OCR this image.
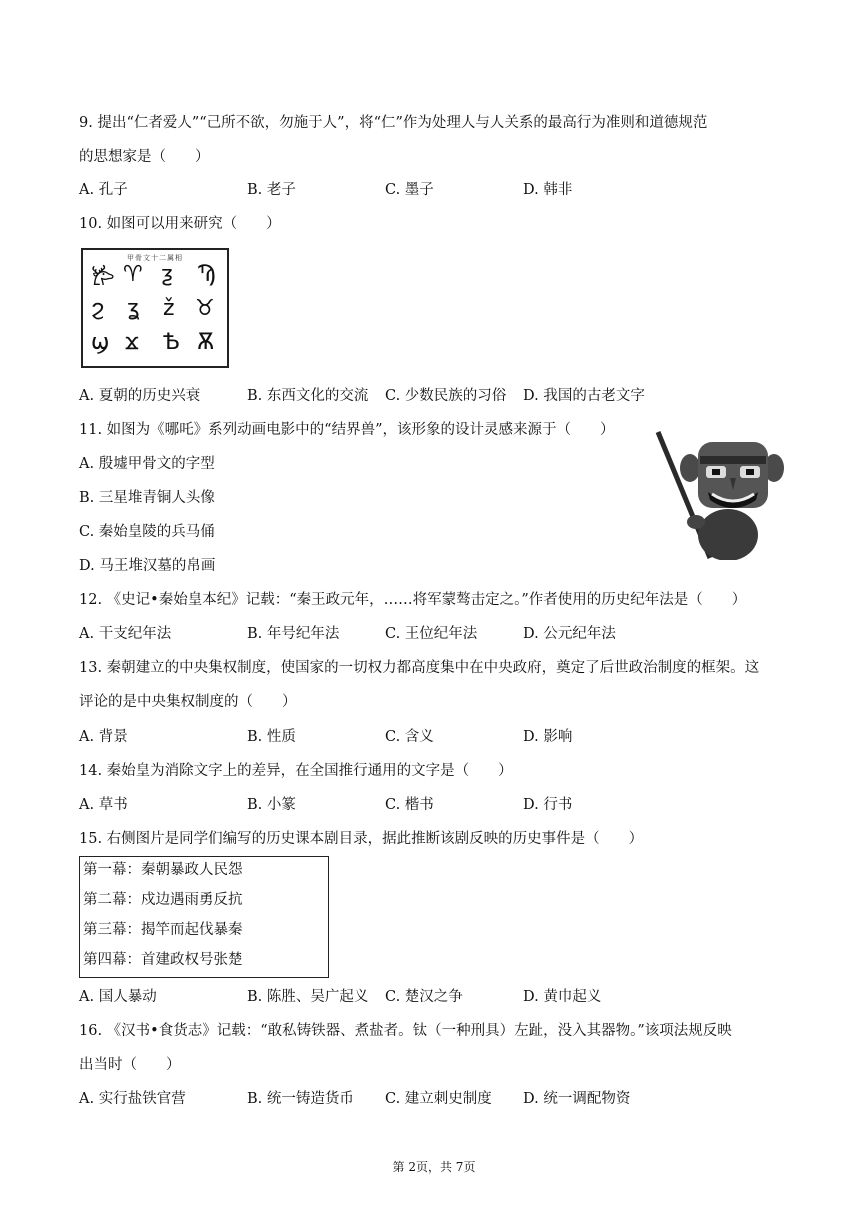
9. 提出“仁者爱人”“己所不欲，勿施于人”，将“仁”作为处理人与人关系的最高行为准则和道德规范
的思想家是（　　）
A. 孔子	B. 老子	C. 墨子	D. 韩非
10. 如图可以用来研究（　　）
甲骨文十二属相
𐂂 ♈ ƺ Ϡ
ϩ ʓ ž ♉
ϣ ϫ Ѣ Ѫ
A. 夏朝的历史兴衰	B. 东西文化的交流 C. 少数民族的习俗 D. 我国的古老文字
11. 如图为《哪吒》系列动画电影中的“结界兽”，该形象的设计灵感来源于（　　）
A. 殷墟甲骨文的字型
B. 三星堆青铜人头像
C. 秦始皇陵的兵马俑
D. 马王堆汉墓的帛画
12. 《史记•秦始皇本纪》记载：“秦王政元年，……将军蒙骜击定之。”作者使用的历史纪年法是（　　）
A. 干支纪年法	B. 年号纪年法	C. 王位纪年法	D. 公元纪年法
13. 秦朝建立的中央集权制度，使国家的一切权力都高度集中在中央政府，奠定了后世政治制度的框架。这
评论的是中央集权制度的（　　）
A. 背景	B. 性质	C. 含义	D. 影响
14. 秦始皇为消除文字上的差异，在全国推行通用的文字是（　　）
A. 草书	B. 小篆	C. 楷书	D. 行书
15. 右侧图片是同学们编写的历史课本剧目录，据此推断该剧反映的历史事件是（　　）
第一幕：秦朝暴政人民怨
第二幕：戍边遇雨勇反抗
第三幕：揭竿而起伐暴秦
第四幕：首建政权号张楚
A. 国人暴动	B. 陈胜、吴广起义 C. 楚汉之争	D. 黄巾起义
16. 《汉书•食货志》记载：“敢私铸铁器、煮盐者。钛（一种刑具）左趾，没入其器物。”该项法规反映
出当时（　　）
A. 实行盐铁官营	B. 统一铸造货币 C. 建立刺史制度 D. 统一调配物资
第 2页，共 7页
